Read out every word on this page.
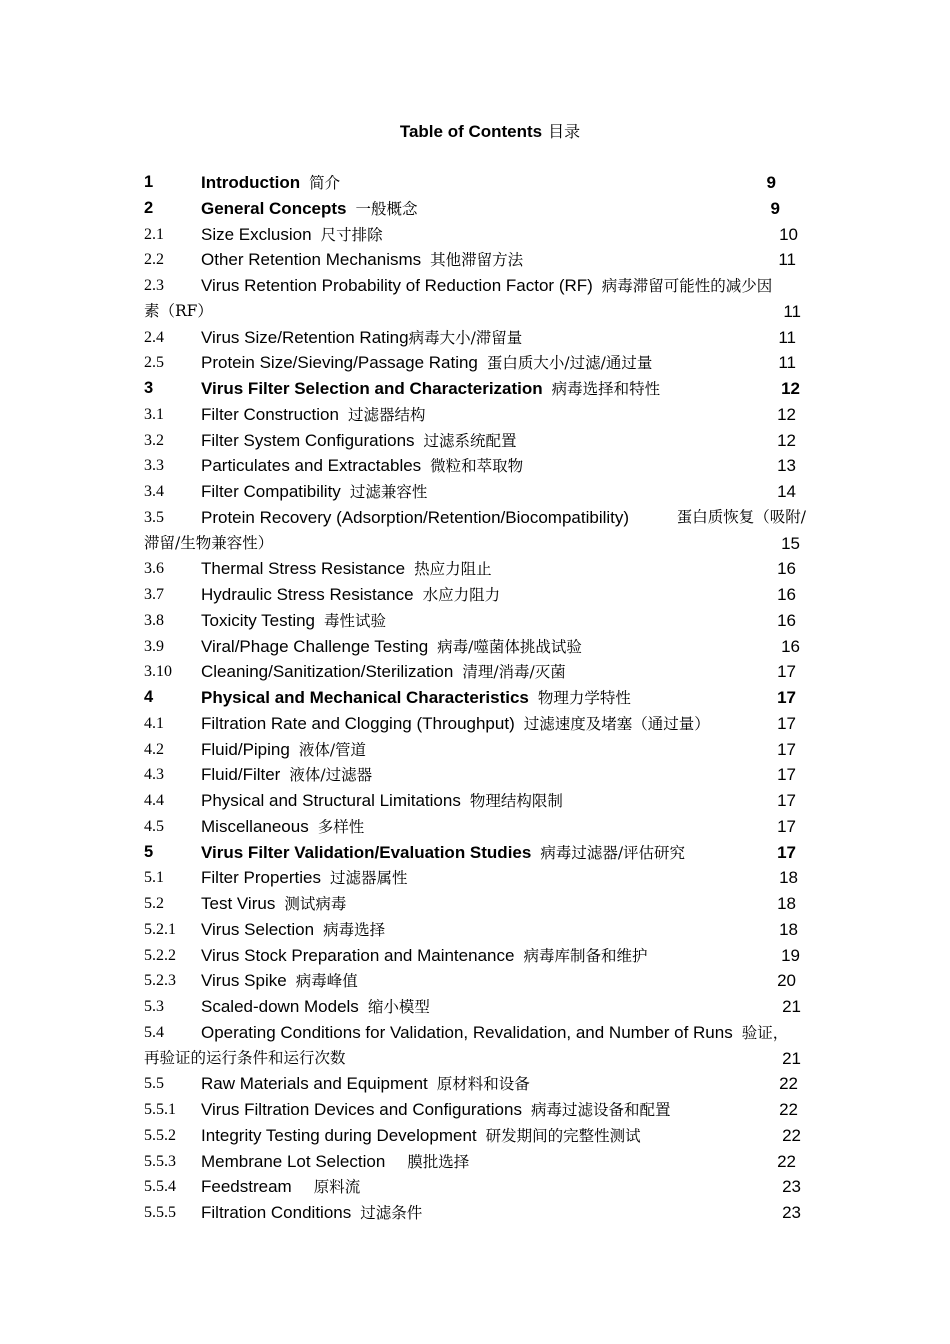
Table of Contents 目录
1	Introduction 简介	9
2	General Concepts 一般概念	9
2.1 Size Exclusion 尺寸排除	10
2.2 Other Retention Mechanisms 其他滞留方法	11
2.3 Virus Retention Probability of Reduction Factor (RF) 病毒滞留可能性的减少因
素（RF）	11
2.4 Virus Size/Retention Rating病毒大小/滞留量	11
2.5 Protein Size/Sieving/Passage Rating 蛋白质大小/过滤/通过量	11
3	Virus Filter Selection and Characterization 病毒选择和特性	12
3.1 Filter Construction 过滤器结构	12
3.2 Filter System Configurations 过滤系统配置	12
3.3 Particulates and Extractables 微粒和萃取物	13
3.4 Filter Compatibility 过滤兼容性	14
3.5 Protein Recovery (Adsorption/Retention/Biocompatibility)	蛋白质恢复（吸附/
滞留/生物兼容性）	15
3.6 Thermal Stress Resistance 热应力阻止	16
3.7 Hydraulic Stress Resistance 水应力阻力	16
3.8 Toxicity Testing 毒性试验	16
3.9 Viral/Phage Challenge Testing 病毒/噬菌体挑战试验	16
3.10 Cleaning/Sanitization/Sterilization 清理/消毒/灭菌	17
4	Physical and Mechanical Characteristics 物理力学特性	17
4.1 Filtration Rate and Clogging (Throughput) 过滤速度及堵塞（通过量）	17
4.2 Fluid/Piping 液体/管道	17
4.3 Fluid/Filter 液体/过滤器	17
4.4 Physical and Structural Limitations 物理结构限制	17
4.5 Miscellaneous 多样性	17
5	Virus Filter Validation/Evaluation Studies 病毒过滤器/评估研究	17
5.1 Filter Properties 过滤器属性	18
5.2 Test Virus 测试病毒	18
5.2.1 Virus Selection 病毒选择	18
5.2.2 Virus Stock Preparation and Maintenance 病毒库制备和维护	19
5.2.3 Virus Spike 病毒峰值	20
5.3 Scaled-down Models 缩小模型	21
5.4 Operating Conditions for Validation, Revalidation, and Number of Runs 验证，
再验证的运行条件和运行次数	21
5.5 Raw Materials and Equipment 原材料和设备	22
5.5.1 Virus Filtration Devices and Configurations 病毒过滤设备和配置	22
5.5.2 Integrity Testing during Development 研发期间的完整性测试	22
5.5.3 Membrane Lot Selection 膜批选择	22
5.5.4 Feedstream 原料流	23
5.5.5 Filtration Conditions 过滤条件	23
